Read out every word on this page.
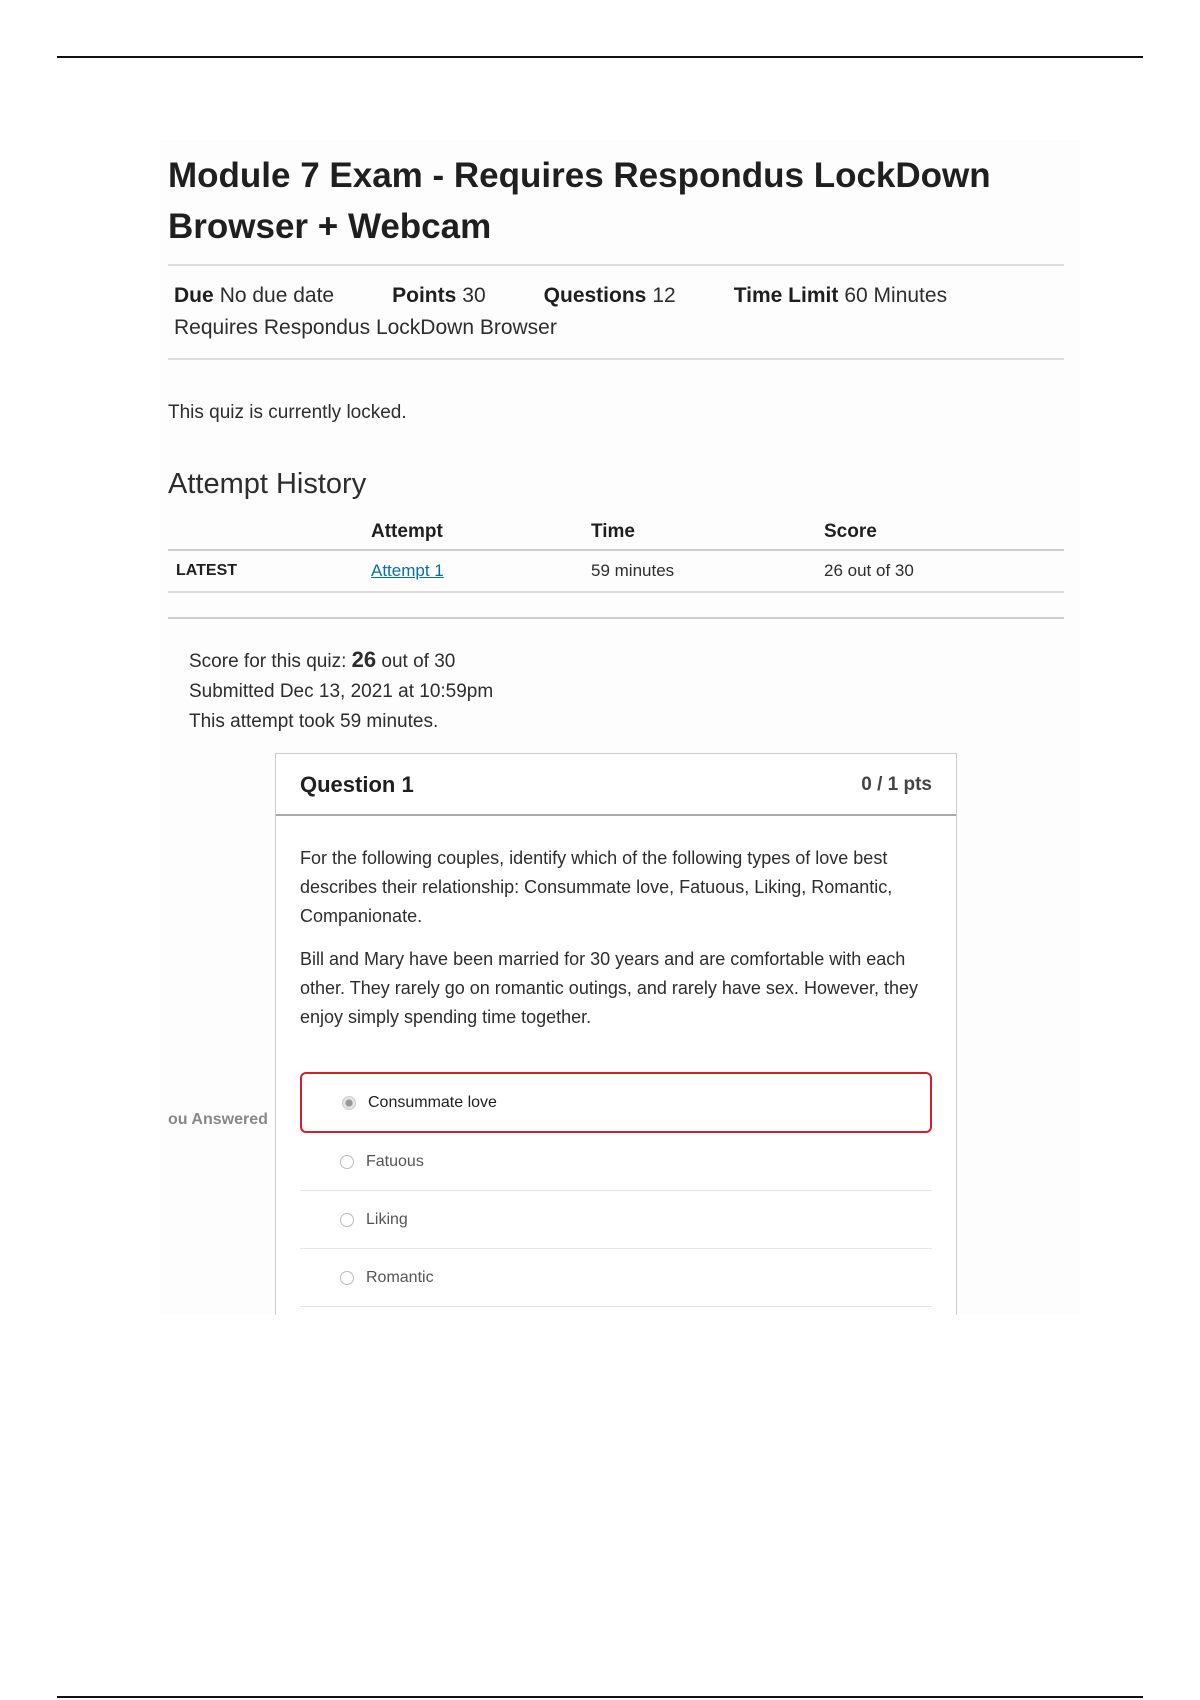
Module 7 Exam - Requires Respondus LockDown Browser + Webcam
Due No due date	Points 30	Questions 12	Time Limit 60 Minutes
Requires Respondus LockDown Browser
This quiz is currently locked.
Attempt History
	Attempt	Time	Score
LATEST	Attempt 1	59 minutes	26 out of 30
Score for this quiz: 26 out of 30
Submitted Dec 13, 2021 at 10:59pm
This attempt took 59 minutes.
ou Answered
Question 1	0 / 1 pts

For the following couples, identify which of the following types of love best describes their relationship: Consummate love, Fatuous, Liking, Romantic, Companionate.

Bill and Mary have been married for 30 years and are comfortable with each other. They rarely go on romantic outings, and rarely have sex. However, they enjoy simply spending time together.

Consummate love
Fatuous
Liking
Romantic
